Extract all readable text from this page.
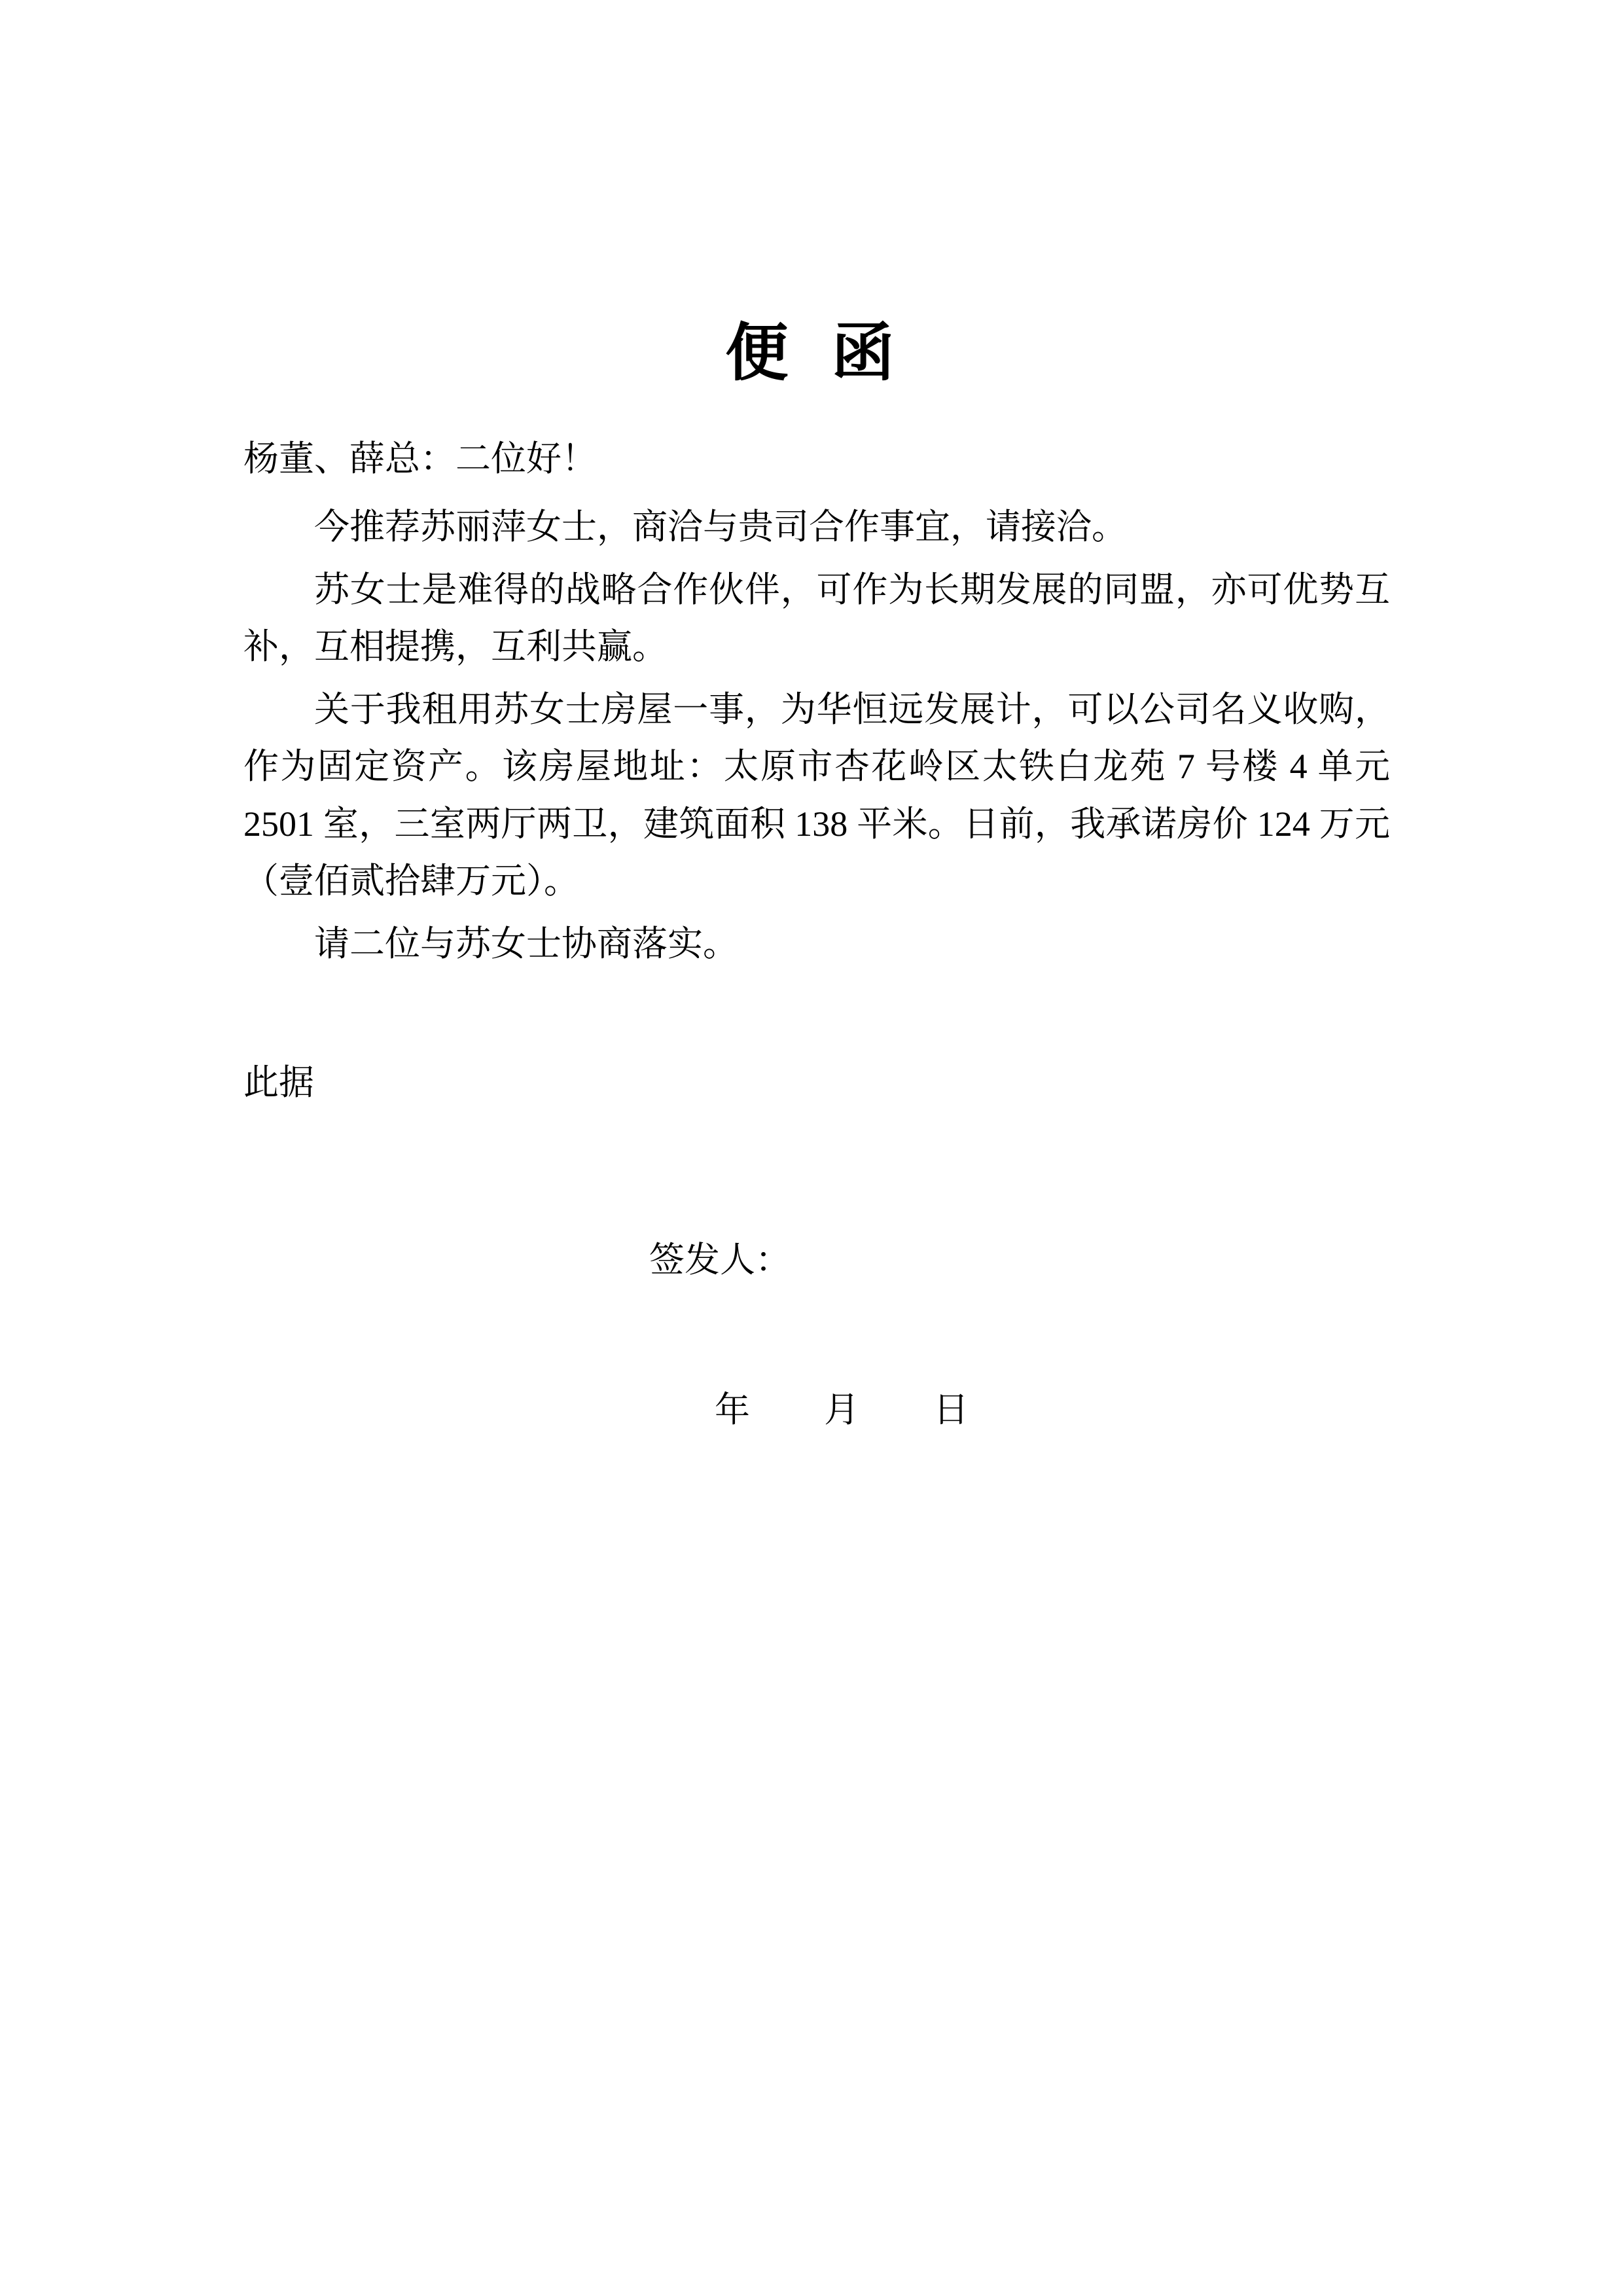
便 函

杨董、薛总：二位好！

今推荐苏丽萍女士，商洽与贵司合作事宜，请接洽。

苏女士是难得的战略合作伙伴，可作为长期发展的同盟，亦可优势互补，互相提携，互利共赢。

关于我租用苏女士房屋一事，为华恒远发展计，可以公司名义收购，作为固定资产。该房屋地址：太原市杏花岭区太铁白龙苑 7 号楼 4 单元 2501 室，三室两厅两卫，建筑面积 138 平米。日前，我承诺房价 124 万元（壹佰贰拾肆万元）。

请二位与苏女士协商落实。

此据

签发人：

年 月 日
